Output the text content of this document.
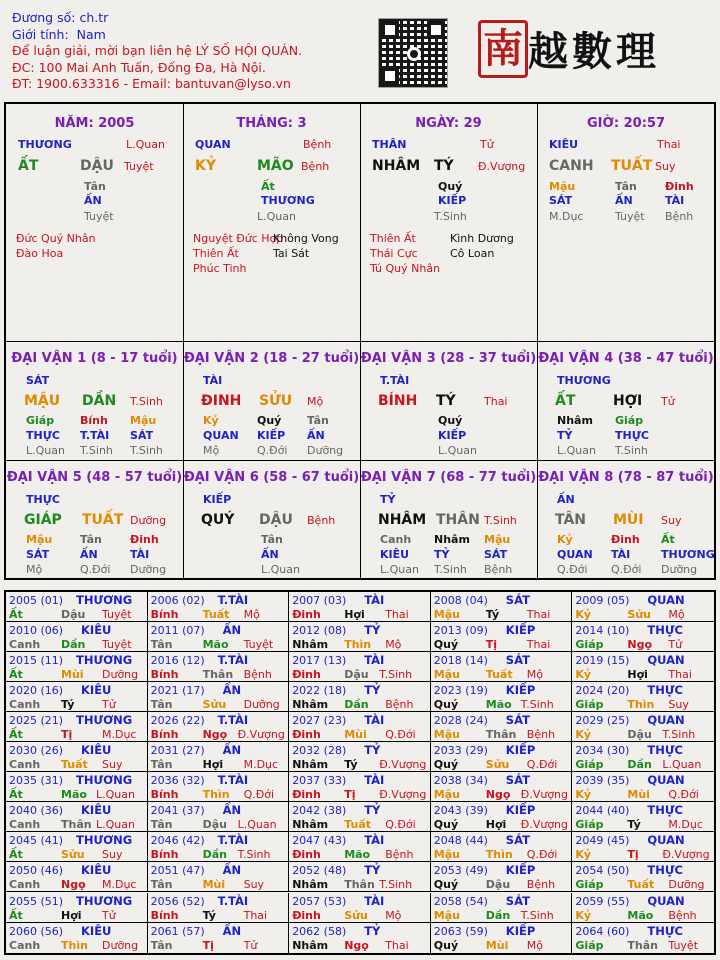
Đương số: ch.tr
Giới tính: Nam
Để luận giải, mời bạn liên hệ LÝ SỐ HỘI QUÁN.
ĐC: 100 Mai Anh Tuấn, Đống Đa, Hà Nội.
ĐT: 1900.633316 - Email: bantuvan@lyso.vn
南 越數理
NĂM: 2005
THƯƠNG	L.Quan
ẤT	DẬU Tuyệt
Tân
ẤN
Tuyệt
Đức Quý Nhân
Đào Hoa
THÁNG: 3
QUAN	Bệnh
KỶ	MÃO Bệnh
Ất
THƯƠNG
L.Quan
Nguyệt Đức Hợp
Thiên Ất
Phúc Tinh
Không Vong
Tai Sát
NGÀY: 29
THÂN	Tử
NHÂM TÝ Đ.Vượng
Quý
KIẾP
T.Sinh
Thiên Ất
Thái Cực
Tú Quý Nhân
Kình Dương
Cô Loan
GIỜ: 20:57
KIÊU	Thai
CANH TUẤT Suy
Mậu
SÁT
M.Dục
Tân
ẤN
Tuyệt
Đinh
TÀI
Bệnh
ĐẠI VẬN 1 (8 - 17 tuổi)
SÁT
MẬU DẦN T.Sinh
Giáp
THỰC
L.Quan
Bính
T.TÀI
T.Sinh
Mậu
SÁT
T.Sinh
ĐẠI VẬN 2 (18 - 27 tuổi)
TÀI
ĐINH SỬU Mộ
Kỷ
QUAN
Mộ
Quý
KIẾP
Q.Đới
Tân
ẤN
Dưỡng
ĐẠI VẬN 3 (28 - 37 tuổi)
T.TÀI
BÍNH TÝ	Thai
Quý
KIẾP
L.Quan
ĐẠI VẬN 4 (38 - 47 tuổi)
THƯƠNG
ẤT	HỢI Tử
Nhâm
TỶ
L.Quan
Giáp
THỰC
T.Sinh
ĐẠI VẬN 5 (48 - 57 tuổi)
THỰC
GIÁP TUẤT Dưỡng
Mậu
SÁT
Mộ
Tân
ẤN
Q.Đới
Đinh
TÀI
Dưỡng
ĐẠI VẬN 6 (58 - 67 tuổi)
KIẾP
QUÝ DẬU Bệnh
Tân
ẤN
L.Quan
ĐẠI VẬN 7 (68 - 77 tuổi)
TỶ
NHÂM THÂN T.Sinh
Canh
KIÊU
L.Quan
Nhâm
TỶ
T.Sinh
Mậu
SÁT
Bệnh
ĐẠI VẬN 8 (78 - 87 tuổi)
ẤN
TÂN MÙI Suy
Kỷ
QUAN
Q.Đới
Đinh
TÀI
Q.Đới
Ất
THƯƠNG
Dưỡng
2005 (01) THƯƠNG
Ất	Dậu Tuyệt
2006 (02) T.TÀI
Bính Tuất Mộ
2007 (03) TÀI
Đinh Hợi Thai
2008 (04) SÁT
Mậu Tý	Thai
2009 (05) QUAN
Kỷ	Sửu Mộ
2010 (06) KIÊU
Canh Dần Tuyệt
2011 (07) ẤN
Tân	Mão Tuyệt
2012 (08) TỶ
Nhâm Thìn Mộ
2013 (09) KIẾP
Quý	Tị	Thai
2014 (10) THỰC
Giáp Ngọ Tử
2015 (11) THƯƠNG
Ất	Mùi Dưỡng
2016 (12) T.TÀI
Bính Thân Bệnh
2017 (13) TÀI
Đinh Dậu T.Sinh
2018 (14) SÁT
Mậu Tuất Mộ
2019 (15) QUAN
Kỷ	Hợi Thai
2020 (16) KIÊU
Canh Tý	Tử
2021 (17) ẤN
Tân	Sửu Dưỡng
2022 (18) TỶ
Nhâm Dần Bệnh
2023 (19) KIẾP
Quý	Mão T.Sinh
2024 (20) THỰC
Giáp Thìn Suy
2025 (21) THƯƠNG
Ất	Tị	M.Dục
2026 (22) T.TÀI
Bính Ngọ Đ.Vượng
2027 (23) TÀI
Đinh Mùi Q.Đới
2028 (24) SÁT
Mậu Thân Bệnh
2029 (25) QUAN
Kỷ	Dậu T.Sinh
2030 (26) KIÊU
Canh Tuất Suy
2031 (27) ẤN
Tân	Hợi M.Dục
2032 (28) TỶ
Nhâm Tý Đ.Vượng
2033 (29) KIẾP
Quý	Sửu Q.Đới
2034 (30) THỰC
Giáp Dần L.Quan
2035 (31) THƯƠNG
Ất	Mão L.Quan
2036 (32) T.TÀI
Bính Thìn Q.Đới
2037 (33) TÀI
Đinh Tị Đ.Vượng
2038 (34) SÁT
Mậu Ngọ Đ.Vượng
2039 (35) QUAN
Kỷ	Mùi Q.Đới
2040 (36) KIÊU
Canh Thân L.Quan
2041 (37) ẤN
Tân	Dậu L.Quan
2042 (38) TỶ
Nhâm Tuất Q.Đới
2043 (39) KIẾP
Quý	Hợi Đ.Vượng
2044 (40) THỰC
Giáp Tý	M.Dục
2045 (41) THƯƠNG
Ất	Sửu Suy
2046 (42) T.TÀI
Bính Dần T.Sinh
2047 (43) TÀI
Đinh Mão Bệnh
2048 (44) SÁT
Mậu Thìn Q.Đới
2049 (45) QUAN
Kỷ	Tị Đ.Vượng
2050 (46) KIÊU
Canh Ngọ M.Dục
2051 (47) ẤN
Tân	Mùi Suy
2052 (48) TỶ
Nhâm Thân T.Sinh
2053 (49) KIẾP
Quý	Dậu Bệnh
2054 (50) THỰC
Giáp Tuất Dưỡng
2055 (51) THƯƠNG
Ất	Hợi Tử
2056 (52) T.TÀI
Bính Tý	Thai
2057 (53) TÀI
Đinh Sửu Mộ
2058 (54) SÁT
Mậu Dần T.Sinh
2059 (55) QUAN
Kỷ	Mão Bệnh
2060 (56) KIÊU
Canh Thìn Dưỡng
2061 (57) ẤN
Tân	Tị	Tử
2062 (58) TỶ
Nhâm Ngọ Thai
2063 (59) KIẾP
Quý	Mùi Mộ
2064 (60) THỰC
Giáp Thân Tuyệt
